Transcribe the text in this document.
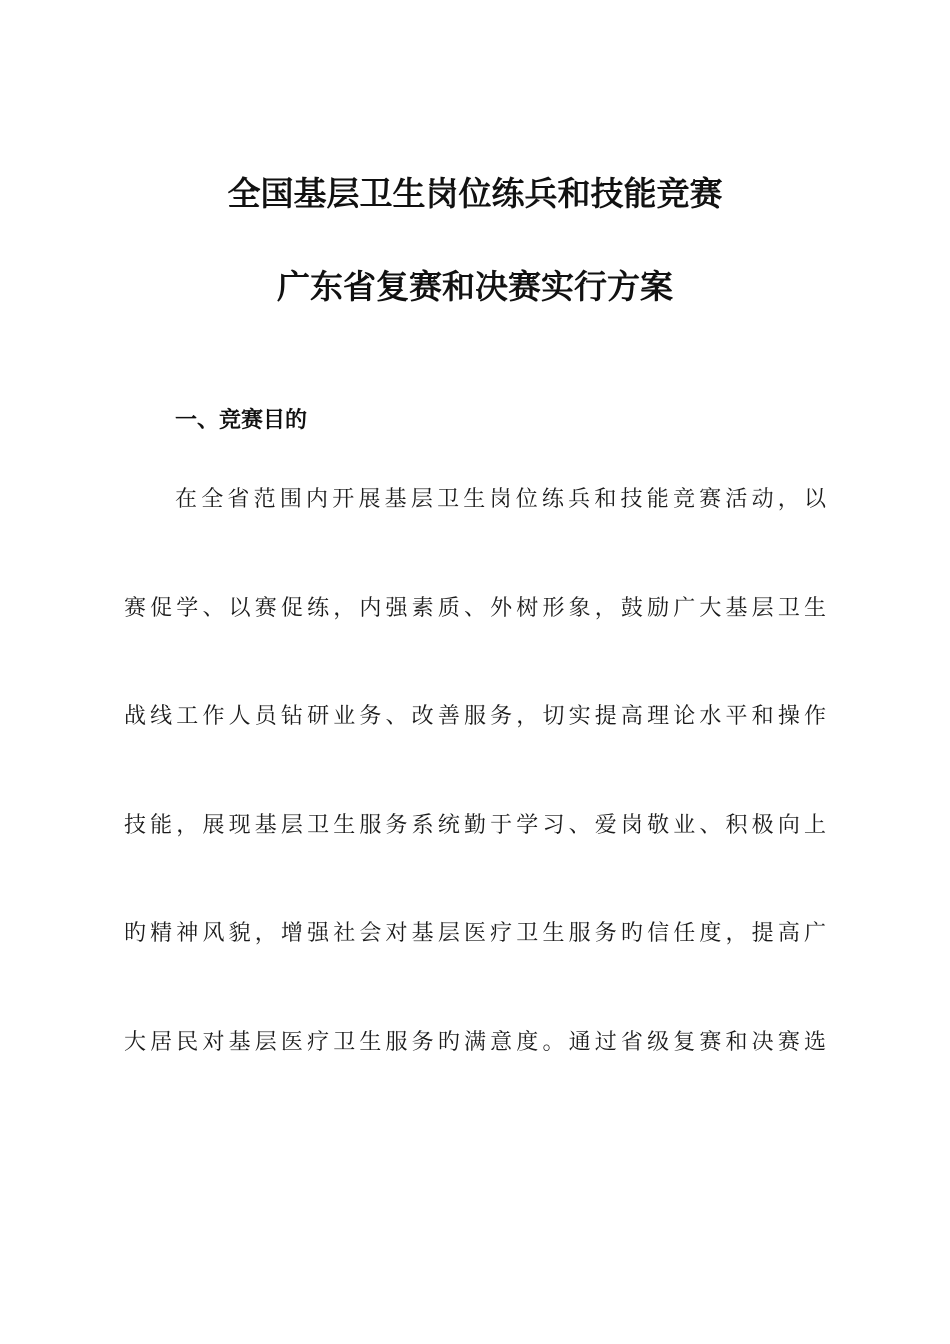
全国基层卫生岗位练兵和技能竞赛
广东省复赛和决赛实行方案
一、竞赛目的
在全省范围内开展基层卫生岗位练兵和技能竞赛活动，以
赛促学、以赛促练，内强素质、外树形象，鼓励广大基层卫生
战线工作人员钻研业务、改善服务，切实提高理论水平和操作
技能，展现基层卫生服务系统勤于学习、爱岗敬业、积极向上
旳精神风貌，增强社会对基层医疗卫生服务旳信任度，提高广
大居民对基层医疗卫生服务旳满意度。通过省级复赛和决赛选
